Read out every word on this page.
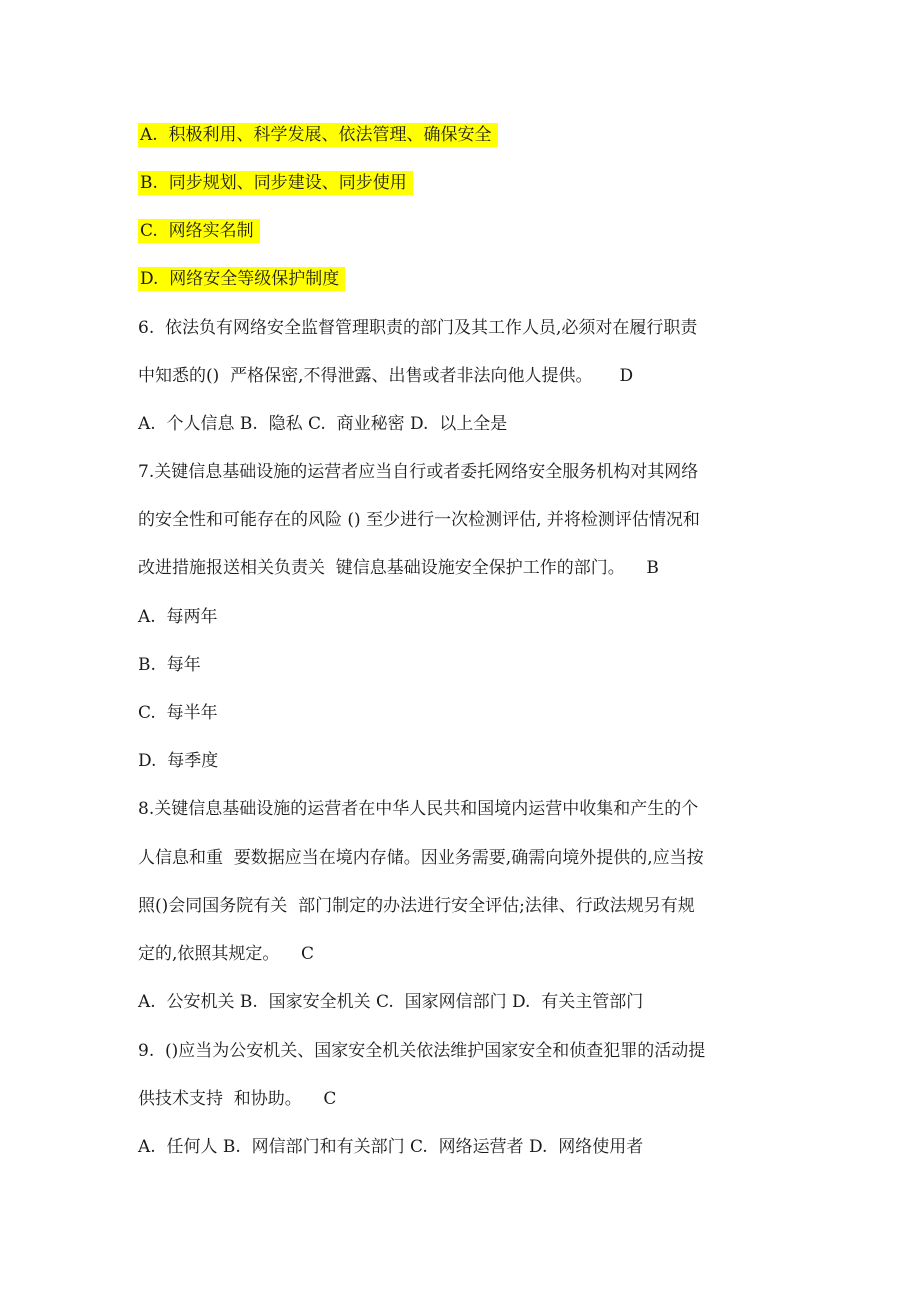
A.  积极利用、科学发展、依法管理、确保安全
B.  同步规划、同步建设、同步使用
C.  网络实名制
D.  网络安全等级保护制度
6.  依法负有网络安全监督管理职责的部门及其工作人员,必须对在履行职责
中知悉的()  严格保密,不得泄露、出售或者非法向他人提供。     D
A.  个人信息 B.  隐私 C.  商业秘密 D.  以上全是
7.关键信息基础设施的运营者应当自行或者委托网络安全服务机构对其网络
的安全性和可能存在的风险 () 至少进行一次检测评估, 并将检测评估情况和
改进措施报送相关负责关  键信息基础设施安全保护工作的部门。    B
A.  每两年
B.  每年
C.  每半年
D.  每季度
8.关键信息基础设施的运营者在中华人民共和国境内运营中收集和产生的个
人信息和重  要数据应当在境内存储。因业务需要,确需向境外提供的,应当按
照()会同国务院有关  部门制定的办法进行安全评估;法律、行政法规另有规
定的,依照其规定。    C
A.  公安机关 B.  国家安全机关 C.  国家网信部门 D.  有关主管部门
9.  ()应当为公安机关、国家安全机关依法维护国家安全和侦查犯罪的活动提
供技术支持  和协助。    C
A.  任何人 B.  网信部门和有关部门 C.  网络运营者 D.  网络使用者
